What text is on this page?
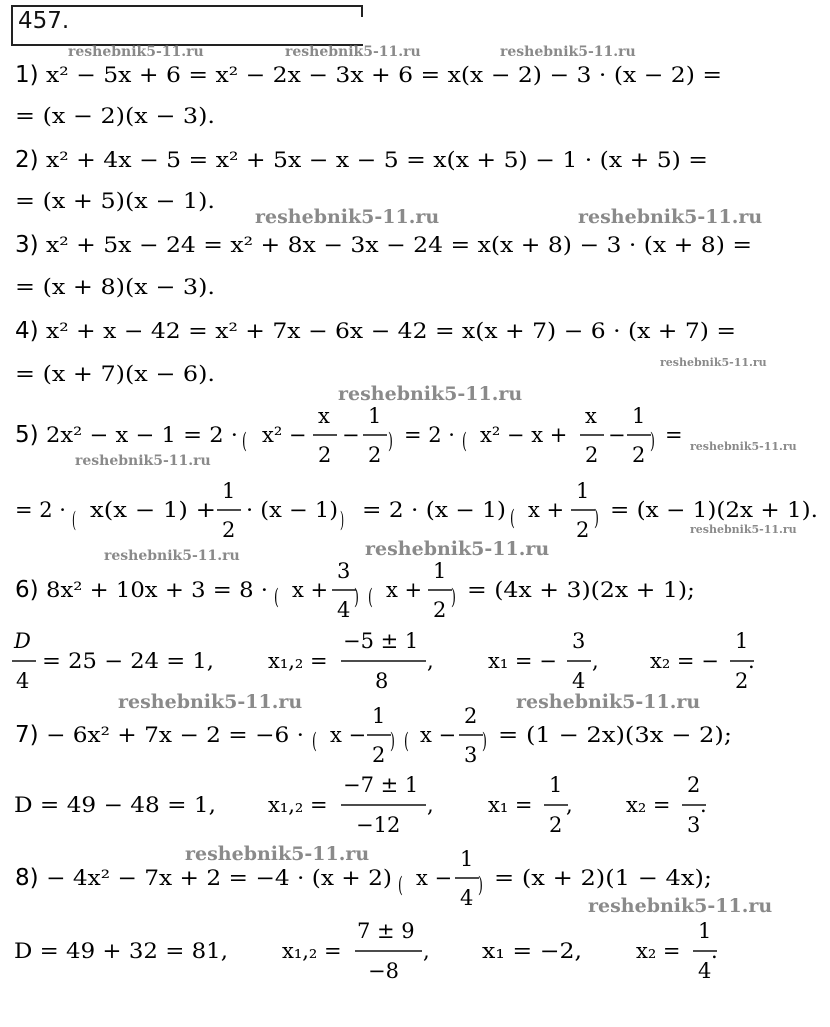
457.
reshebnik5-11.ru	reshebnik5-11.ru	reshebnik5-11.ru
reshebnik5-11.ru	reshebnik5-11.ru
reshebnik5-11.ru
reshebnik5-11.ru
reshebnik5-11.ru
reshebnik5-11.ru
reshebnik5-11.ru
reshebnik5-11.ru	reshebnik5-11.ru
reshebnik5-11.ru	reshebnik5-11.ru
reshebnik5-11.ru
reshebnik5-11.ru
1) x² − 5x + 6 = x² − 2x − 3x + 6 = x(x − 2) − 3 · (x − 2) =
= (x − 2)(x − 3).
2) x² + 4x − 5 = x² + 5x − x − 5 = x(x + 5) − 1 · (x + 5) =
= (x + 5)(x − 1).
3) x² + 5x − 24 = x² + 8x − 3x − 24 = x(x + 8) − 3 · (x + 8) =
= (x + 8)(x − 3).
4) x² + x − 42 = x² + 7x − 6x − 42 = x(x + 7) − 6 · (x + 7) =
= (x + 7)(x − 6).
5) 2x² − x − 1 = 2 · ( x² −
x
2
−
1
2
) = 2 · ( x² − x +
x
2
−
1
2
) =
= 2 · ( x(x − 1) +
1
2
· (x − 1) ) = 2 · (x − 1) ( x +
1
2 ) = (x − 1)(2x + 1).
6) 8x² + 10x + 3 = 8 · ( x +
3
4 ) ( x +
1
2 ) = (4x + 3)(2x + 1);
D
4
= 25 − 24 = 1,	x₁,₂ =
−5 ± 1
8
,	x₁ = −
3
4
, x₂ = −
1
2
.
7) − 6x² + 7x − 2 = −6 · ( x −
1
2
) ( x −
2
3
) = (1 − 2x)(3x − 2);
D = 49 − 48 = 1, x₁,₂ =
−7 ± 1
−12
,	x₁ =
1
2
,	x₂ =
2
3
.
8) − 4x² − 7x + 2 = −4 · (x + 2) ( x −
1
4 ) = (x + 2)(1 − 4x);
D = 49 + 32 = 81,	x₁,₂ =
7 ± 9
−8
, x₁ = −2,	x₂ =
1
4
.
